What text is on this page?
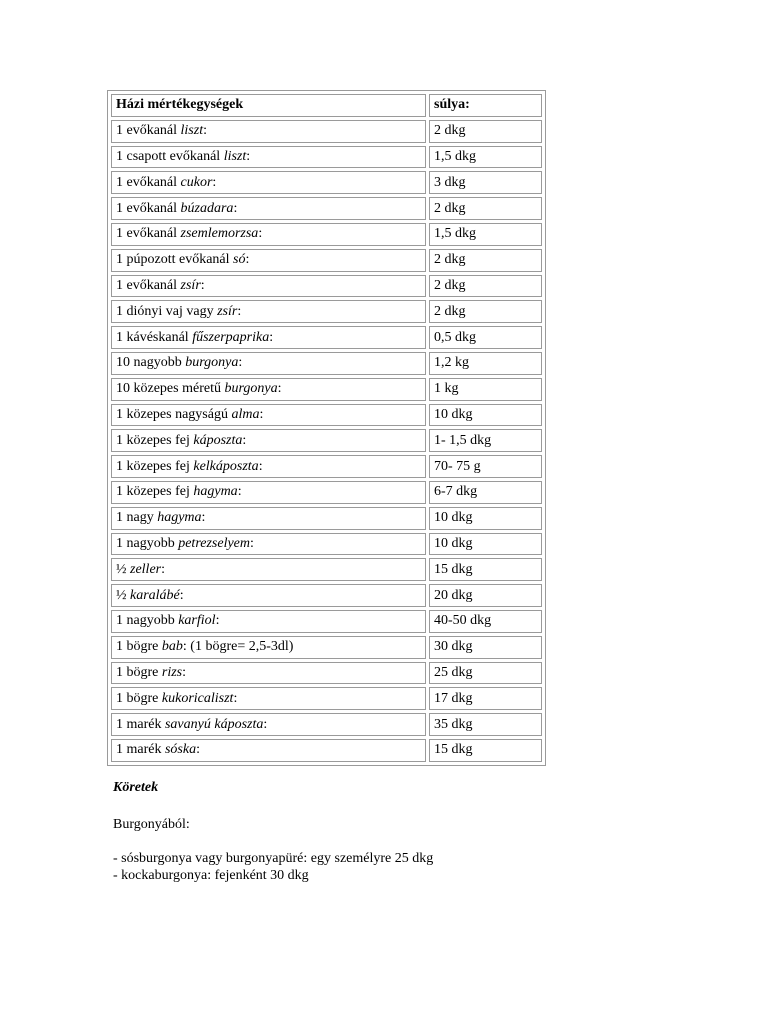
Házi mértékegységek	súlya:
1 evőkanál liszt:	2 dkg
1 csapott evőkanál liszt:	1,5 dkg
1 evőkanál cukor:	3 dkg
1 evőkanál búzadara:	2 dkg
1 evőkanál zsemlemorzsa:	1,5 dkg
1 púpozott evőkanál só:	2 dkg
1 evőkanál zsír:	2 dkg
1 diónyi vaj vagy zsír:	2 dkg
1 kávéskanál fűszerpaprika:	0,5 dkg
10 nagyobb burgonya:	1,2 kg
10 közepes méretű burgonya:	1 kg
1 közepes nagyságú alma:	10 dkg
1 közepes fej káposzta:	1- 1,5 dkg
1 közepes fej kelkáposzta:	70- 75 g
1 közepes fej hagyma:	6-7 dkg
1 nagy hagyma:	10 dkg
1 nagyobb petrezselyem:	10 dkg
½ zeller:	15 dkg
½ karalábé:	20 dkg
1 nagyobb karfiol:	40-50 dkg
1 bögre bab: (1 bögre= 2,5-3dl)	30 dkg
1 bögre rizs:	25 dkg
1 bögre kukoricaliszt:	17 dkg
1 marék savanyú káposzta:	35 dkg
1 marék sóska:	15 dkg

Köretek

Burgonyából:

- sósburgonya vagy burgonyapüré: egy személyre 25 dkg
- kockaburgonya: fejenként 30 dkg
